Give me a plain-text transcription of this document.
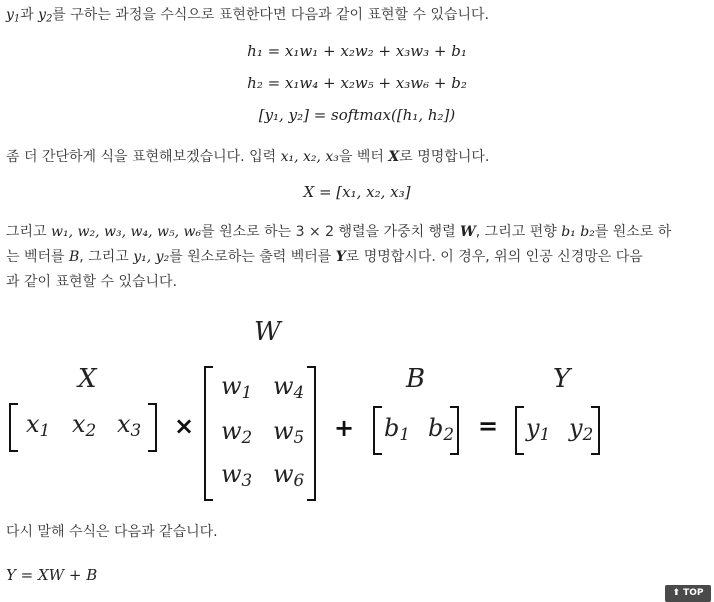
$y_1$과 $y_2$를 구하는 과정을 수식으로 표현한다면 다음과 같이 표현할 수 있습니다.
h₁ = x₁w₁ + x₂w₂ + x₃w₃ + b₁
h₂ = x₁w₄ + x₂w₅ + x₃w₆ + b₂
[y₁, y₂] = softmax([h₁, h₂])
좀 더 간단하게 식을 표현해보겠습니다. 입력 x₁, x₂, x₃을 벡터 X로 명명합니다.
X = [x₁, x₂, x₃]
그리고 w₁, w₂, w₃, w₄, w₅, w₆를 원소로 하는 3 × 2 행렬을 가중치 행렬 W, 그리고 편향 b₁ b₂를 원소로 하
는 벡터를 B, 그리고 y₁, y₂를 원소로하는 출력 벡터를 Y로 명명합시다. 이 경우, 위의 인공 신경망은 다음
과 같이 표현할 수 있습니다.
W
X	B	Y
$x_1$ $x_2$ $x_3$ ×
$w_1$ $w_4$
$w_2$ $w_5$
$w_3$ $w_6$
+ $b_1$ $b_2 = y_1$ $y_2$
다시 말해 수식은 다음과 같습니다.
Y = XW + B
⬆ TOP
